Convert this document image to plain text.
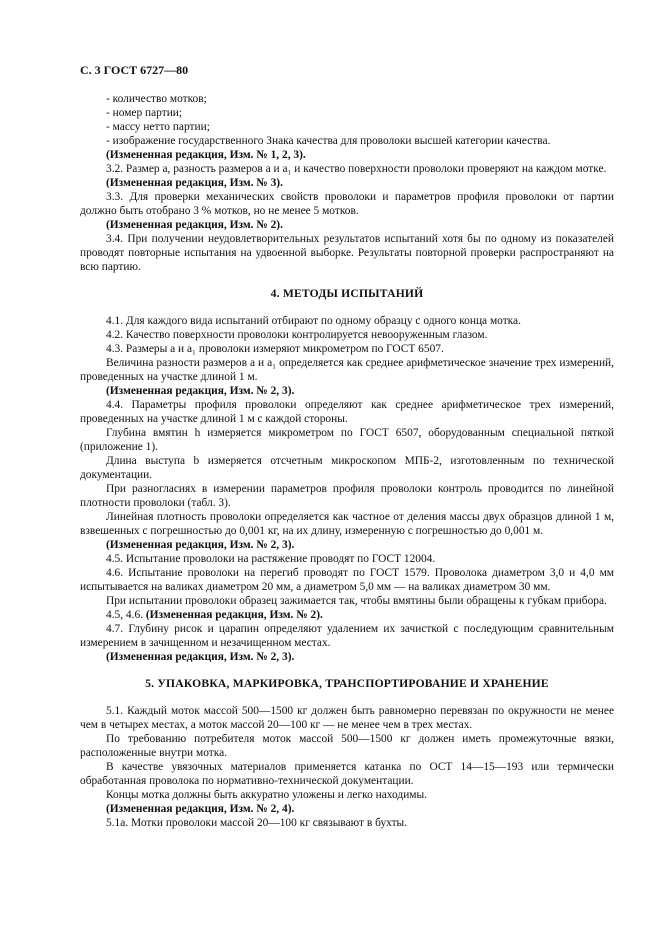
С. 3 ГОСТ 6727—80

- количество мотков;

- номер партии;

- массу нетто партии;

- изображение государственного Знака качества для проволоки высшей категории качества.

(Измененная редакция, Изм. № 1, 2, 3).

3.2. Размер а, разность размеров а и а₁ и качество поверхности проволоки проверяют на каждом мотке.

(Измененная редакция, Изм. № 3).

3.3. Для проверки механических свойств проволоки и параметров профиля проволоки от партии должно быть отобрано 3 % мотков, но не менее 5 мотков.

(Измененная редакция, Изм. № 2).

3.4. При получении неудовлетворительных результатов испытаний хотя бы по одному из показателей проводят повторные испытания на удвоенной выборке. Результаты повторной проверки распространяют на всю партию.

4. МЕТОДЫ ИСПЫТАНИЙ

4.1. Для каждого вида испытаний отбирают по одному образцу с одного конца мотка.

4.2. Качество поверхности проволоки контролируется невооруженным глазом.

4.3. Размеры а и а₁ проволоки измеряют микрометром по ГОСТ 6507.

Величина разности размеров а и а₁ определяется как среднее арифметическое значение трех измерений, проведенных на участке длиной 1 м.

(Измененная редакция, Изм. № 2, 3).

4.4. Параметры профиля проволоки определяют как среднее арифметическое трех измерений, проведенных на участке длиной 1 м с каждой стороны.

Глубина вмятин h измеряется микрометром по ГОСТ 6507, оборудованным специальной пяткой (приложение 1).

Длина выступа b измеряется отсчетным микроскопом МПБ-2, изготовленным по технической документации.

При разногласиях в измерении параметров профиля проволоки контроль проводится по линейной плотности проволоки (табл. 3).

Линейная плотность проволоки определяется как частное от деления массы двух образцов длиной 1 м, взвешенных с погрешностью до 0,001 кг, на их длину, измеренную с погрешностью до 0,001 м.

(Измененная редакция, Изм. № 2, 3).

4.5. Испытание проволоки на растяжение проводят по ГОСТ 12004.

4.6. Испытание проволоки на перегиб проводят по ГОСТ 1579. Проволока диаметром 3,0 и 4,0 мм испытывается на валиках диаметром 20 мм, а диаметром 5,0 мм — на валиках диаметром 30 мм.

При испытании проволоки образец зажимается так, чтобы вмятины были обращены к губкам прибора.

4.5, 4.6. (Измененная редакция, Изм. № 2).

4.7. Глубину рисок и царапин определяют удалением их зачисткой с последующим сравнительным измерением в зачищенном и незачищенном местах.

(Измененная редакция, Изм. № 2, 3).

5. УПАКОВКА, МАРКИРОВКА, ТРАНСПОРТИРОВАНИЕ И ХРАНЕНИЕ

5.1. Каждый моток массой 500—1500 кг должен быть равномерно перевязан по окружности не менее чем в четырех местах, а моток массой 20—100 кг — не менее чем в трех местах.

По требованию потребителя моток массой 500—1500 кг должен иметь промежуточные вязки, расположенные внутри мотка.

В качестве увязочных материалов применяется катанка по ОСТ 14—15—193 или термически обработанная проволока по нормативно-технической документации.

Концы мотка должны быть аккуратно уложены и легко находимы.

(Измененная редакция, Изм. № 2, 4).

5.1а. Мотки проволоки массой 20—100 кг связывают в бухты.
